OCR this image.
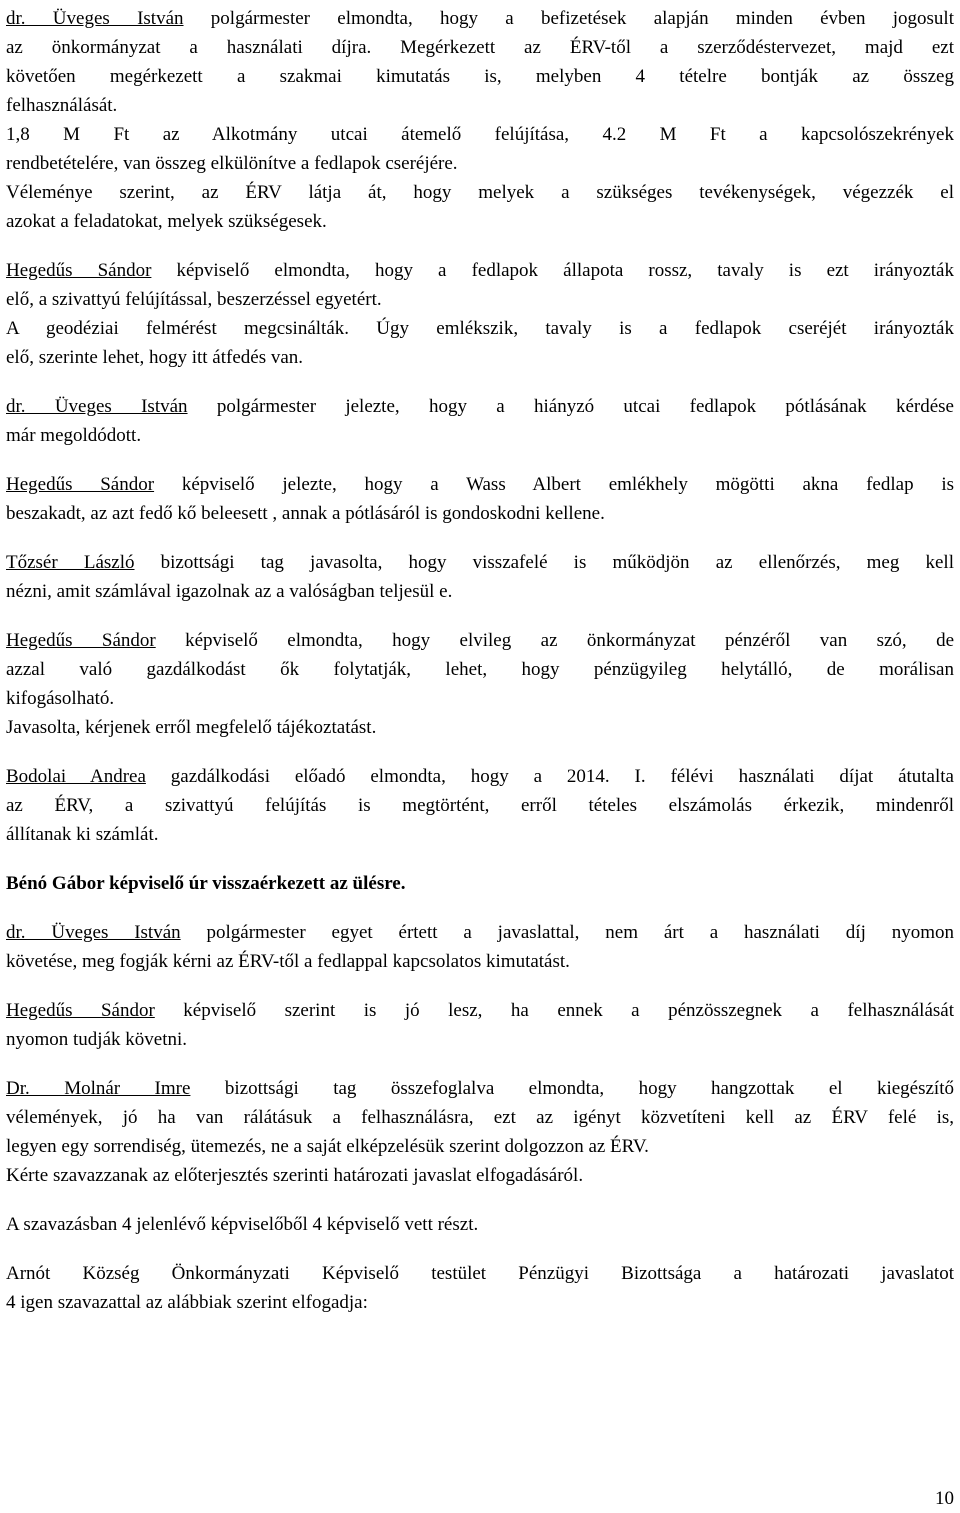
dr. Üveges István polgármester elmondta, hogy a befizetések alapján minden évben jogosult
az önkormányzat a használati díjra. Megérkezett az ÉRV-től a szerződéstervezet, majd ezt
követően megérkezett a szakmai kimutatás is, melyben 4 tételre bontják az összeg
felhasználását.
1,8 M Ft az Alkotmány utcai átemelő felújítása, 4.2 M Ft a kapcsolószekrények
rendbetételére, van összeg elkülönítve a fedlapok cseréjére.
Véleménye szerint, az ÉRV látja át, hogy melyek a szükséges tevékenységek, végezzék el
azokat a feladatokat, melyek szükségesek.
Hegedűs Sándor képviselő elmondta, hogy a fedlapok állapota rossz, tavaly is ezt irányozták
elő, a szivattyú felújítással, beszerzéssel egyetért.
A geodéziai felmérést megcsinálták. Úgy emlékszik, tavaly is a fedlapok cseréjét irányozták
elő, szerinte lehet, hogy itt átfedés van.
dr. Üveges István polgármester jelezte, hogy a hiányzó utcai fedlapok pótlásának kérdése
már megoldódott.
Hegedűs Sándor képviselő jelezte, hogy a Wass Albert emlékhely mögötti akna fedlap is
beszakadt, az azt fedő kő beleesett , annak a pótlásáról is gondoskodni kellene.
Tőzsér László bizottsági tag javasolta, hogy visszafelé is működjön az ellenőrzés, meg kell
nézni, amit számlával igazolnak az a valóságban teljesül e.
Hegedűs Sándor képviselő elmondta, hogy elvileg az önkormányzat pénzéről van szó, de
azzal való gazdálkodást ők folytatják, lehet, hogy pénzügyileg helytálló, de morálisan
kifogásolható.
Javasolta, kérjenek erről megfelelő tájékoztatást.
Bodolai Andrea gazdálkodási előadó elmondta, hogy a 2014. I. félévi használati díjat átutalta
az ÉRV, a szivattyú felújítás is megtörtént, erről tételes elszámolás érkezik, mindenről
állítanak ki számlát.
Bénó Gábor képviselő úr visszaérkezett az ülésre.
dr. Üveges István polgármester egyet értett a javaslattal, nem árt a használati díj nyomon
követése, meg fogják kérni az ÉRV-től a fedlappal kapcsolatos kimutatást.
Hegedűs Sándor képviselő szerint is jó lesz, ha ennek a pénzösszegnek a felhasználását
nyomon tudják követni.
Dr. Molnár Imre bizottsági tag összefoglalva elmondta, hogy hangzottak el kiegészítő
vélemények, jó ha van rálátásuk a felhasználásra, ezt az igényt közvetíteni kell az ÉRV felé is,
legyen egy sorrendiség, ütemezés, ne a saját elképzelésük szerint dolgozzon az ÉRV.
Kérte szavazzanak az előterjesztés szerinti határozati javaslat elfogadásáról.
A szavazásban 4 jelenlévő képviselőből 4 képviselő vett részt.
Arnót Község Önkormányzati Képviselő testület Pénzügyi Bizottsága a határozati javaslatot
4 igen szavazattal az alábbiak szerint elfogadja:
10
